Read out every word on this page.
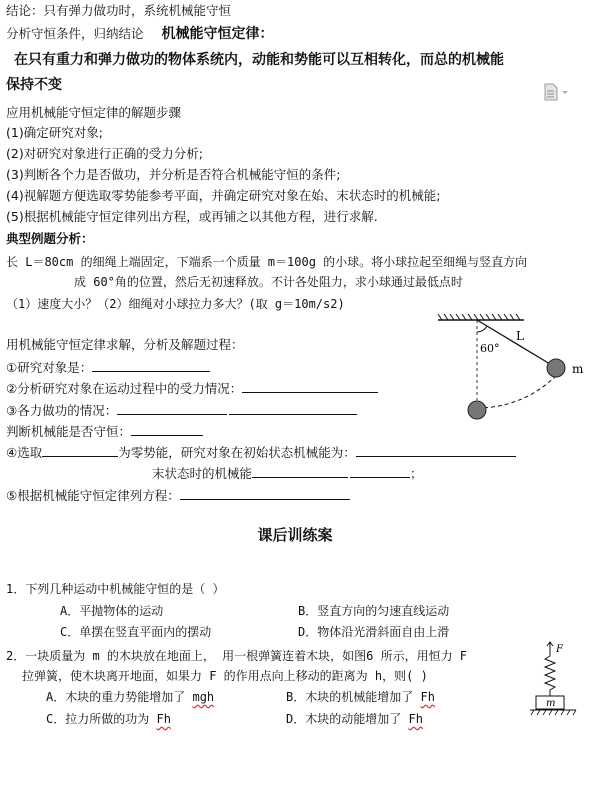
结论：只有弹力做功时，系统机械能守恒
分析守恒条件，归纳结论 机械能守恒定律：
在只有重力和弹力做功的物体系统内，动能和势能可以互相转化，而总的机械能
保持不变
应用机械能守恒定律的解题步骤
(1)确定研究对象;
(2)对研究对象进行正确的受力分析;
(3)判断各个力是否做功，并分析是否符合机械能守恒的条件;
(4)视解题方便选取零势能参考平面，并确定研究对象在始、末状态时的机械能;
(5)根据机械能守恒定律列出方程，或再铺之以其他方程，进行求解.
典型例题分析：
长 L＝80cm 的细绳上端固定，下端系一个质量 m＝100g 的小球。将小球拉起至细绳与竖直方向
成 60°角的位置，然后无初速释放。不计各处阻力，求小球通过最低点时
（1）速度大小？（2）细绳对小球拉力多大？(取 g＝10m/s2)
L
60°
m
用机械能守恒定律求解，分析及解题过程：
①研究对象是：
②分析研究对象在运动过程中的受力情况：
③各力做功的情况：
判断机械能是否守恒：
④选取	为零势能，研究对象在初始状态机械能为：
末状态时的机械能	；
⑤根据机械能守恒定律列方程：
课后训练案
1．下列几种运动中机械能守恒的是（ ）
A．平抛物体的运动	B．竖直方向的匀速直线运动
C．单摆在竖直平面内的摆动	D．物体沿光滑斜面自由上滑
2．一块质量为 m 的木块放在地面上， 用一根弹簧连着木块，如图6 所示，用恒力 F
拉弹簧，使木块离开地面，如果力 F 的作用点向上移动的距离为 h，则( )
A．木块的重力势能增加了 mgh	B．木块的机械能增加了 Fh
C．拉力所做的功为 Fh	D．木块的动能增加了 Fh
F
m
